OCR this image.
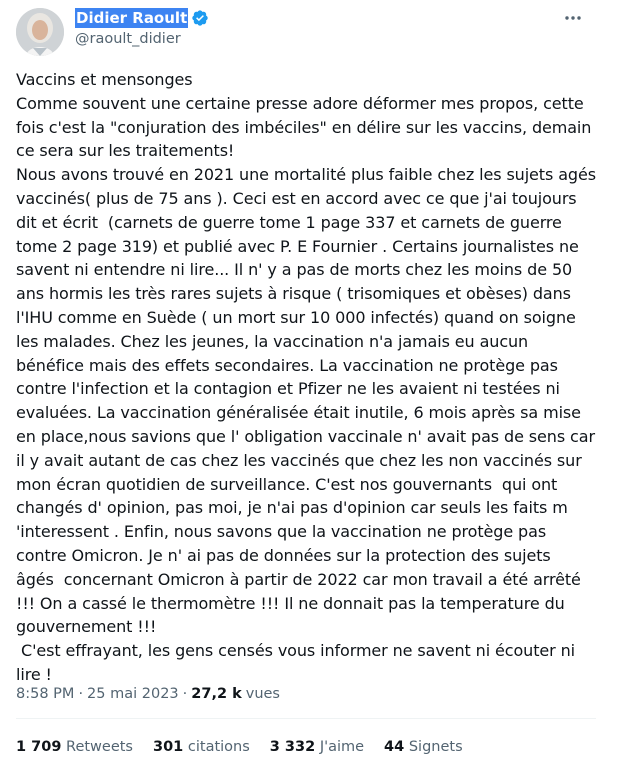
Didier Raoult
@raoult_didier
Vaccins et mensonges
Comme souvent une certaine presse adore déformer mes propos, cette fois c'est la "conjuration des imbéciles" en délire sur les vaccins, demain ce sera sur les traitements!
Nous avons trouvé en 2021 une mortalité plus faible chez les sujets agés vaccinés( plus de 75 ans ). Ceci est en accord avec ce que j'ai toujours dit et écrit  (carnets de guerre tome 1 page 337 et carnets de guerre tome 2 page 319) et publié avec P. E Fournier . Certains journalistes ne savent ni entendre ni lire... Il n' y a pas de morts chez les moins de 50 ans hormis les très rares sujets à risque ( trisomiques et obèses) dans l'IHU comme en Suède ( un mort sur 10 000 infectés) quand on soigne les malades. Chez les jeunes, la vaccination n'a jamais eu aucun bénéfice mais des effets secondaires. La vaccination ne protège pas contre l'infection et la contagion et Pfizer ne les avaient ni testées ni evaluées. La vaccination généralisée était inutile, 6 mois après sa mise en place,nous savions que l' obligation vaccinale n' avait pas de sens car il y avait autant de cas chez les vaccinés que chez les non vaccinés sur mon écran quotidien de surveillance. C'est nos gouvernants  qui ont changés d' opinion, pas moi, je n'ai pas d'opinion car seuls les faits m 'interessent . Enfin, nous savons que la vaccination ne protège pas contre Omicron. Je n' ai pas de données sur la protection des sujets  âgés  concernant Omicron à partir de 2022 car mon travail a été arrêté !!! On a cassé le thermomètre !!! Il ne donnait pas la temperature du gouvernement !!!
C'est effrayant, les gens censés vous informer ne savent ni écouter ni lire !
8:58 PM · 25 mai 2023 · 27,2 k vues
1 709 Retweets 301 citations 3 332 J'aime 44 Signets
